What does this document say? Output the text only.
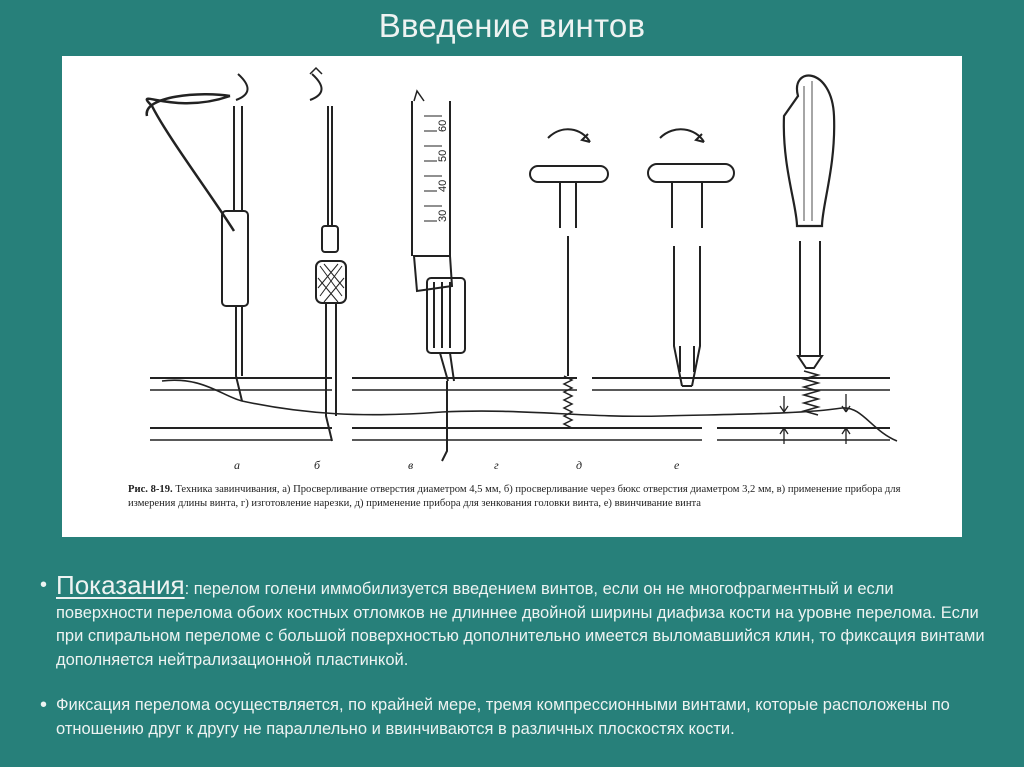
Введение винтов
60
50
40
30
а	б	в	г	д	е
Рис. 8-19. Техника завинчивания, а) Просверливание отверстия диаметром 4,5 мм, б) просверливание через бюкс отверстия диаметром 3,2 мм, в) применение прибора для измерения длины винта, г) изготовление нарезки, д) применение прибора для зенкования головки винта, е) ввинчивание винта
• Показания: перелом голени иммобилизуется введением винтов, если он не многофрагментный и если поверхности перелома обоих костных отломков не длиннее двойной ширины диафиза кости на уровне перелома. Если при спиральном переломе с большой поверхностью дополнительно имеется выломавшийся клин, то фиксация винтами дополняется нейтрализационной пластинкой.
• Фиксация перелома осуществляется, по крайней мере, тремя компрессионными винтами, которые расположены по отношению друг к другу не параллельно и ввинчиваются в различных плоскостях кости.
